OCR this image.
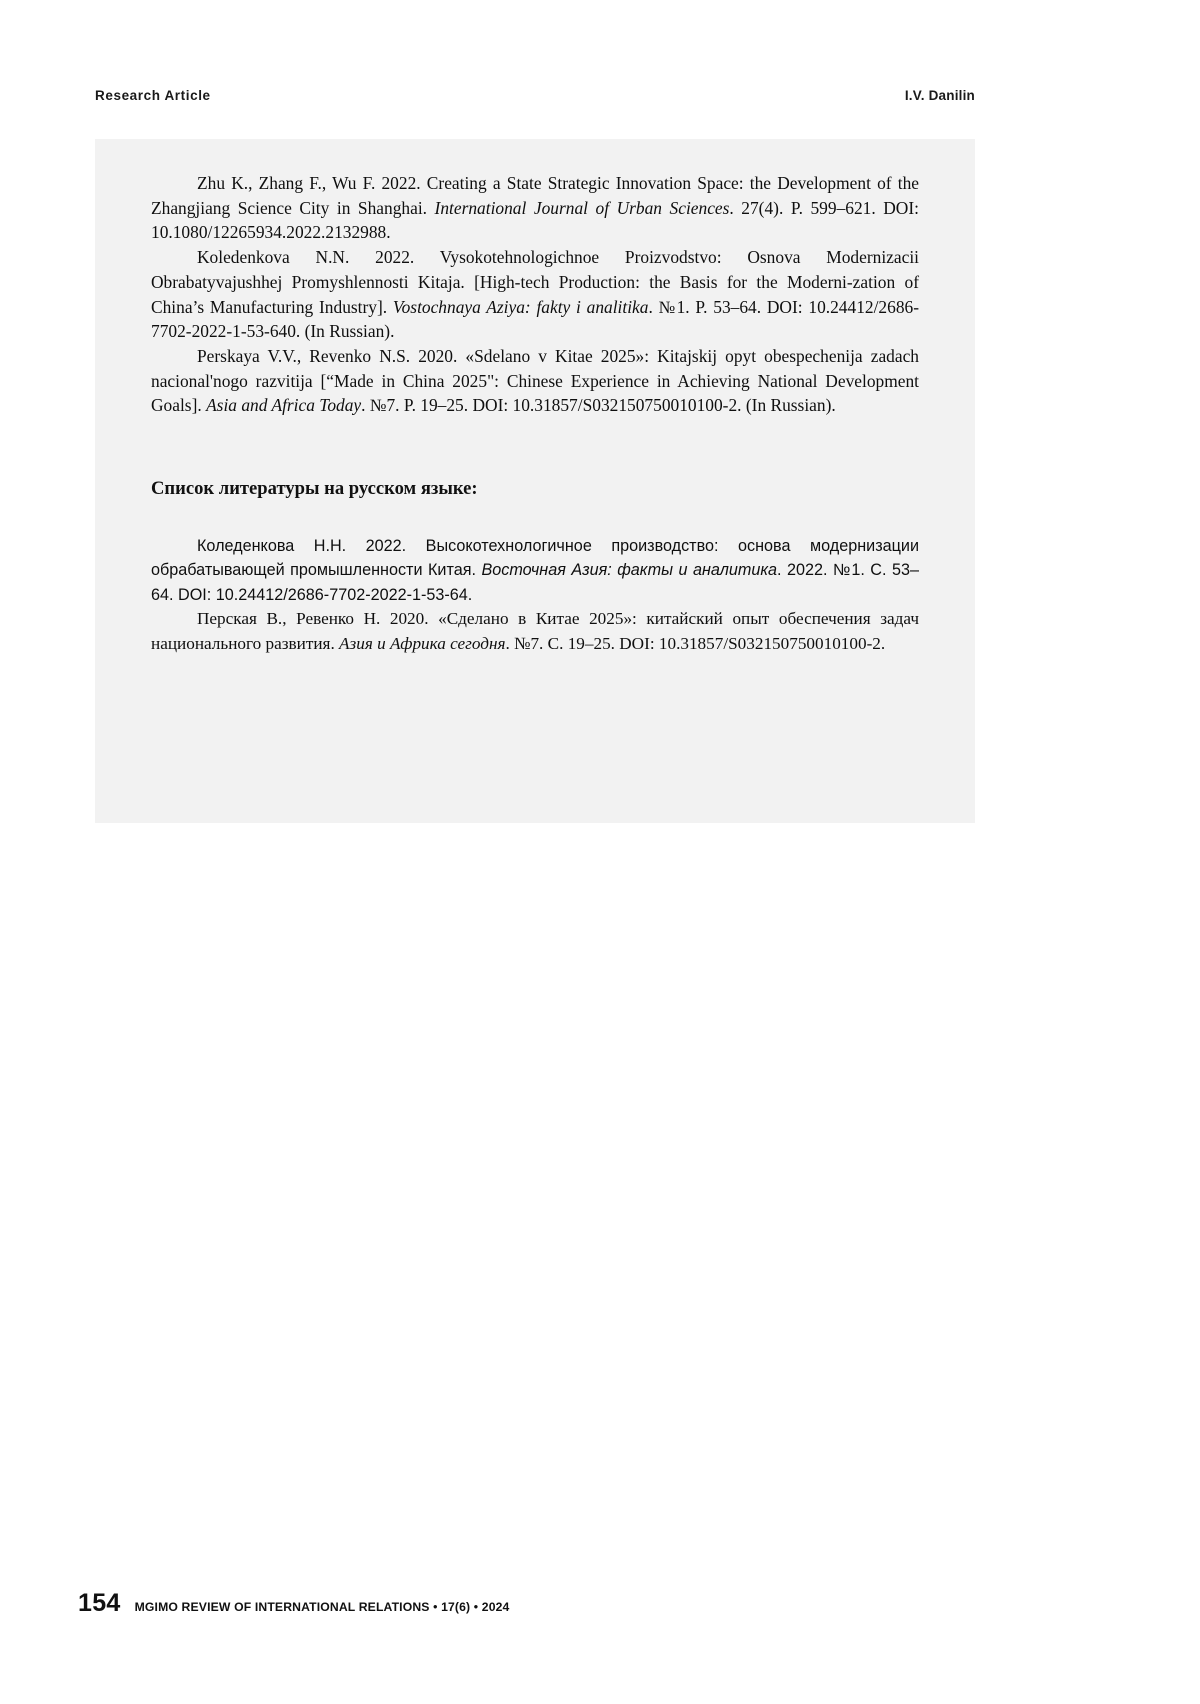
Research Article	I.V. Danilin

Zhu K., Zhang F., Wu F. 2022. Creating a State Strategic Innovation Space: the Development of the Zhangjiang Science City in Shanghai. International Journal of Urban Sciences. 27(4). P. 599–621. DOI: 10.1080/12265934.2022.2132988.

Koledenkova N.N. 2022. Vysokotehnologichnoe Proizvodstvo: Osnova Modernizacii Obrabatyvajushhej Promyshlennosti Kitaja. [High-tech Production: the Basis for the Moderni-zation of China’s Manufacturing Industry]. Vostochnaya Aziya: fakty i analitika. №1. P. 53–64. DOI: 10.24412/2686-7702-2022-1-53-640. (In Russian).

Perskaya V.V., Revenko N.S. 2020. «Sdelano v Kitae 2025»: Kitajskij opyt obespechenija zadach nacional'nogo razvitija [“Made in China 2025": Chinese Experience in Achieving National Development Goals]. Asia and Africa Today. №7. P. 19–25. DOI: 10.31857/S032150750010100-2. (In Russian).

Список литературы на русском языке:

Коледенкова Н.Н. 2022. Высокотехнологичное производство: основа модернизации обрабатывающей промышленности Китая. Восточная Азия: факты и аналитика. 2022. №1. С. 53–64. DOI: 10.24412/2686-7702-2022-1-53-64.

Перская В., Ревенко Н. 2020. «Сделано в Китае 2025»: китайский опыт обеспечения задач национального развития. Азия и Африка сегодня. №7. С. 19–25. DOI: 10.31857/S032150750010100-2.

154 MGIMO REVIEW OF INTERNATIONAL RELATIONS • 17(6) • 2024
